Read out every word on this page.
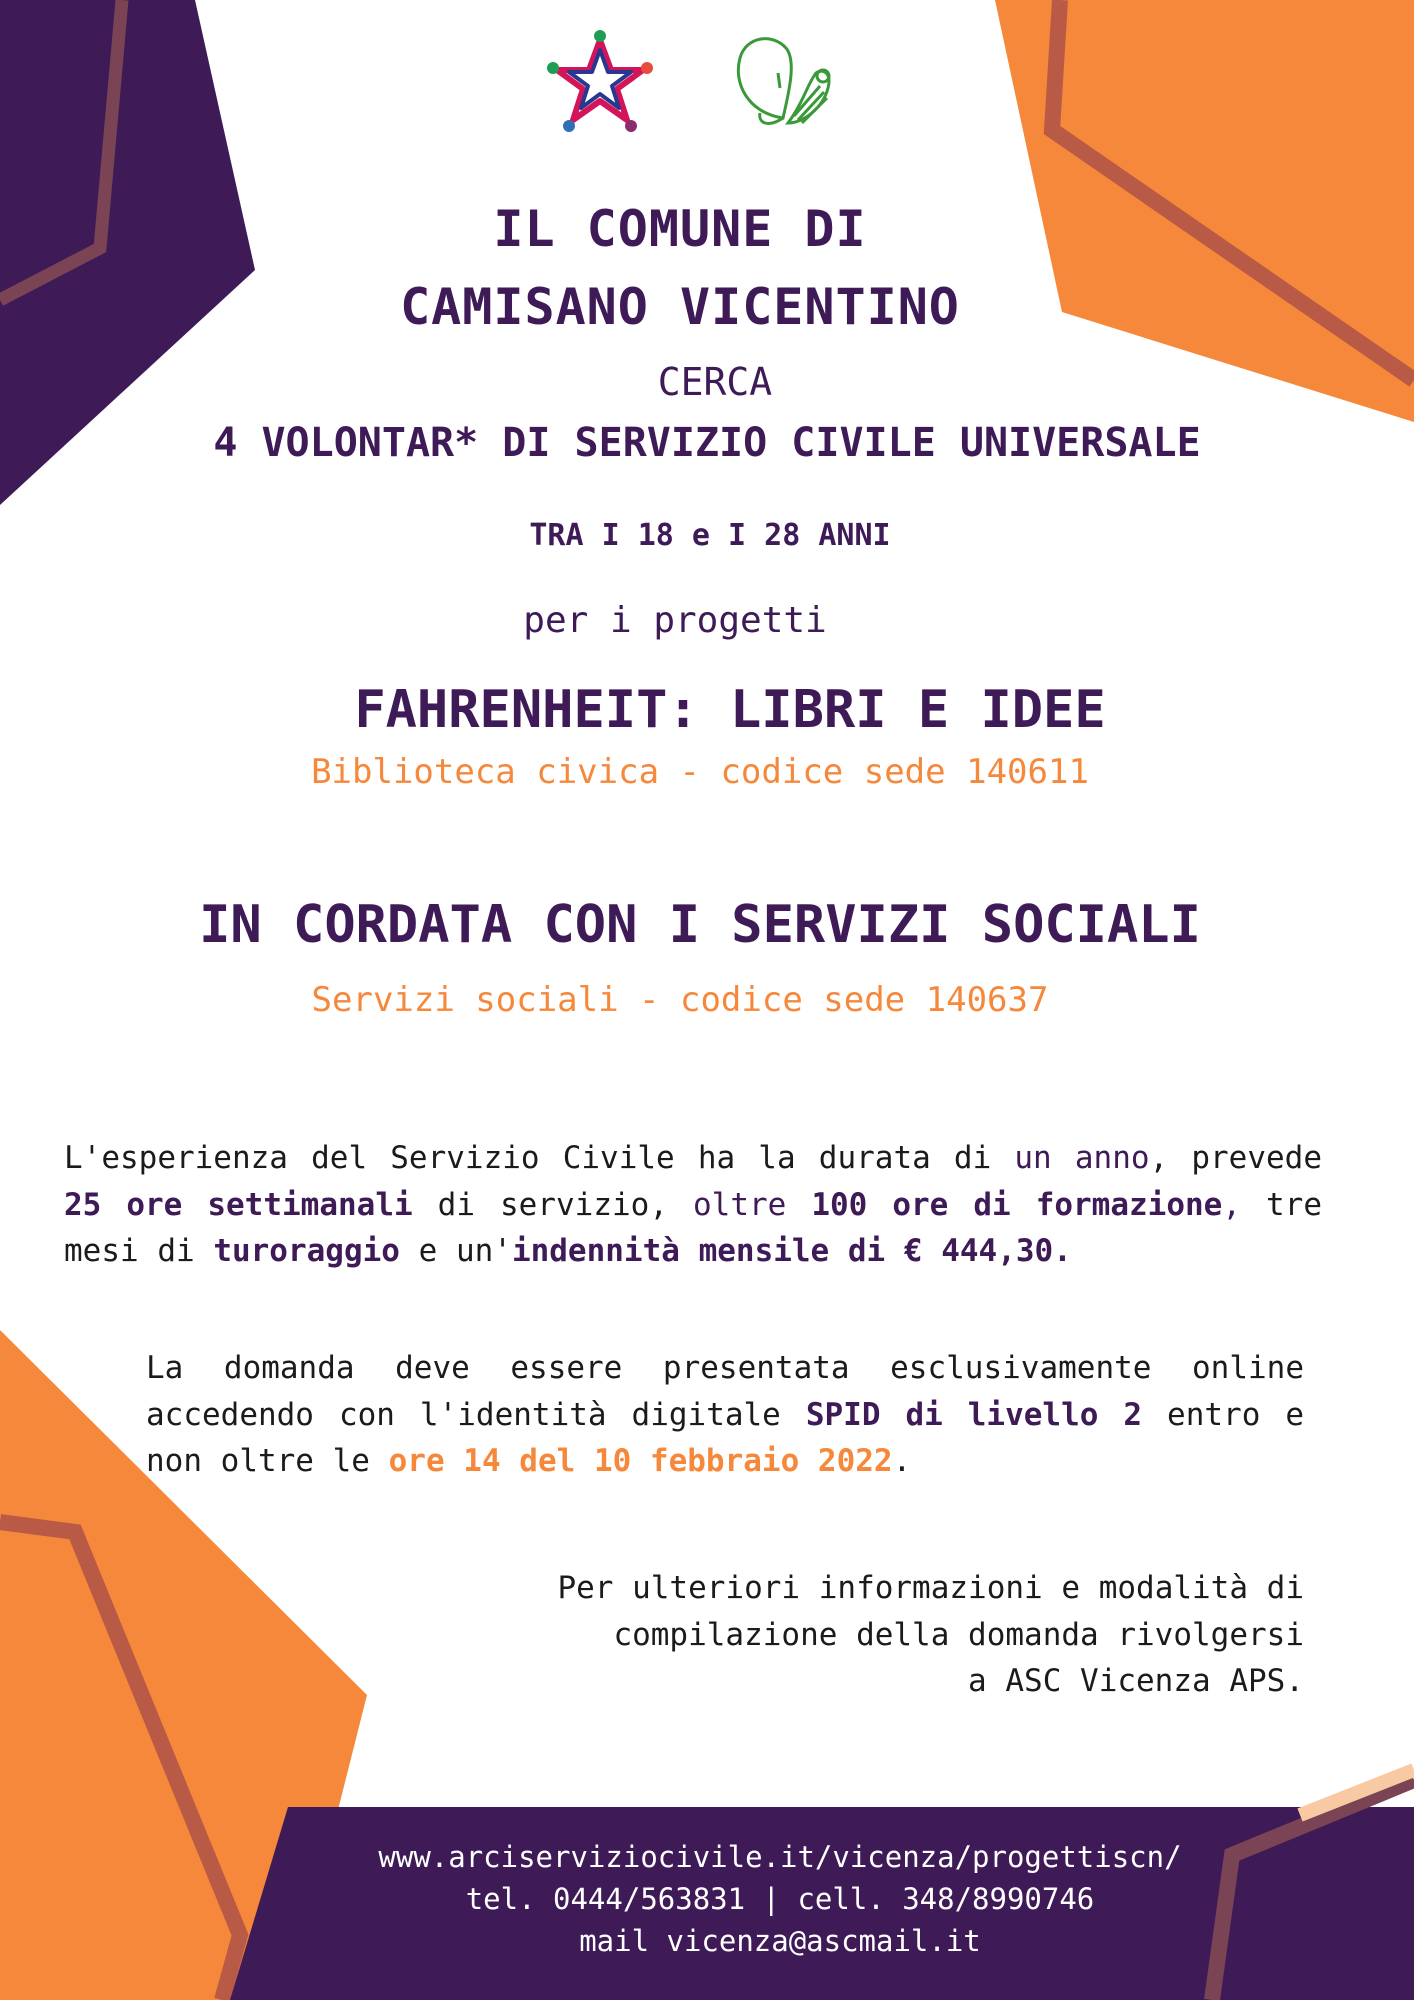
IL COMUNE DI
CAMISANO VICENTINO
CERCA
4 VOLONTAR* DI SERVIZIO CIVILE UNIVERSALE
TRA I 18 e I 28 ANNI
per i progetti
FAHRENHEIT: LIBRI E IDEE
Biblioteca civica - codice sede 140611
IN CORDATA CON I SERVIZI SOCIALI
Servizi sociali - codice sede 140637
L'esperienza del Servizio Civile ha la durata di un anno, prevede 25 ore settimanali di servizio, oltre 100 ore di formazione, tre mesi di turoraggio e un'indennità mensile di € 444,30.
La domanda deve essere presentata esclusivamente online accedendo con l'identità digitale SPID di livello 2 entro e non oltre le ore 14 del 10 febbraio 2022.
Per ulteriori informazioni e modalità di
compilazione della domanda rivolgersi
a ASC Vicenza APS.
www.arciserviziocivile.it/vicenza/progettiscn/
tel. 0444/563831 | cell. 348/8990746
mail vicenza@ascmail.it
